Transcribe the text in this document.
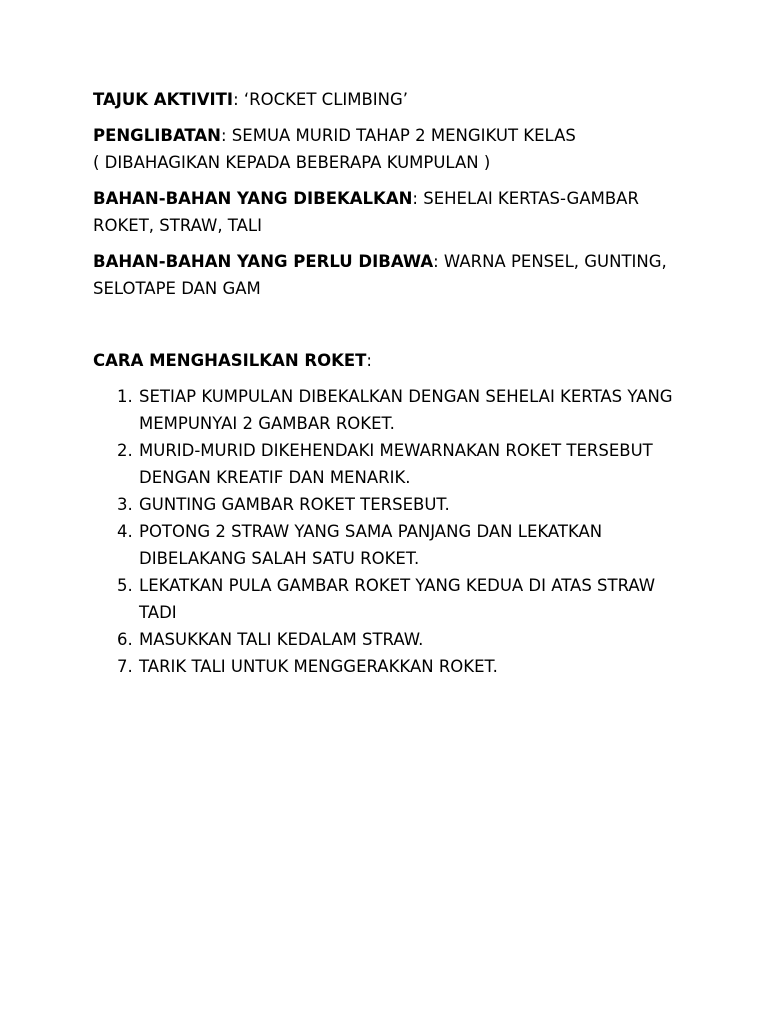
TAJUK AKTIVITI: ‘ROCKET CLIMBING’

PENGLIBATAN: SEMUA MURID TAHAP 2 MENGIKUT KELAS
( DIBAHAGIKAN KEPADA BEBERAPA KUMPULAN )

BAHAN-BAHAN YANG DIBEKALKAN: SEHELAI KERTAS-GAMBAR ROKET, STRAW, TALI

BAHAN-BAHAN YANG PERLU DIBAWA: WARNA PENSEL, GUNTING, SELOTAPE DAN GAM

CARA MENGHASILKAN ROKET:

1. SETIAP KUMPULAN DIBEKALKAN DENGAN SEHELAI KERTAS YANG MEMPUNYAI 2 GAMBAR ROKET.
2. MURID-MURID DIKEHENDAKI MEWARNAKAN ROKET TERSEBUT DENGAN KREATIF DAN MENARIK.
3. GUNTING GAMBAR ROKET TERSEBUT.
4. POTONG 2 STRAW YANG SAMA PANJANG DAN LEKATKAN DIBELAKANG SALAH SATU ROKET.
5. LEKATKAN PULA GAMBAR ROKET YANG KEDUA DI ATAS STRAW TADI
6. MASUKKAN TALI KEDALAM STRAW.
7. TARIK TALI UNTUK MENGGERAKKAN ROKET.
